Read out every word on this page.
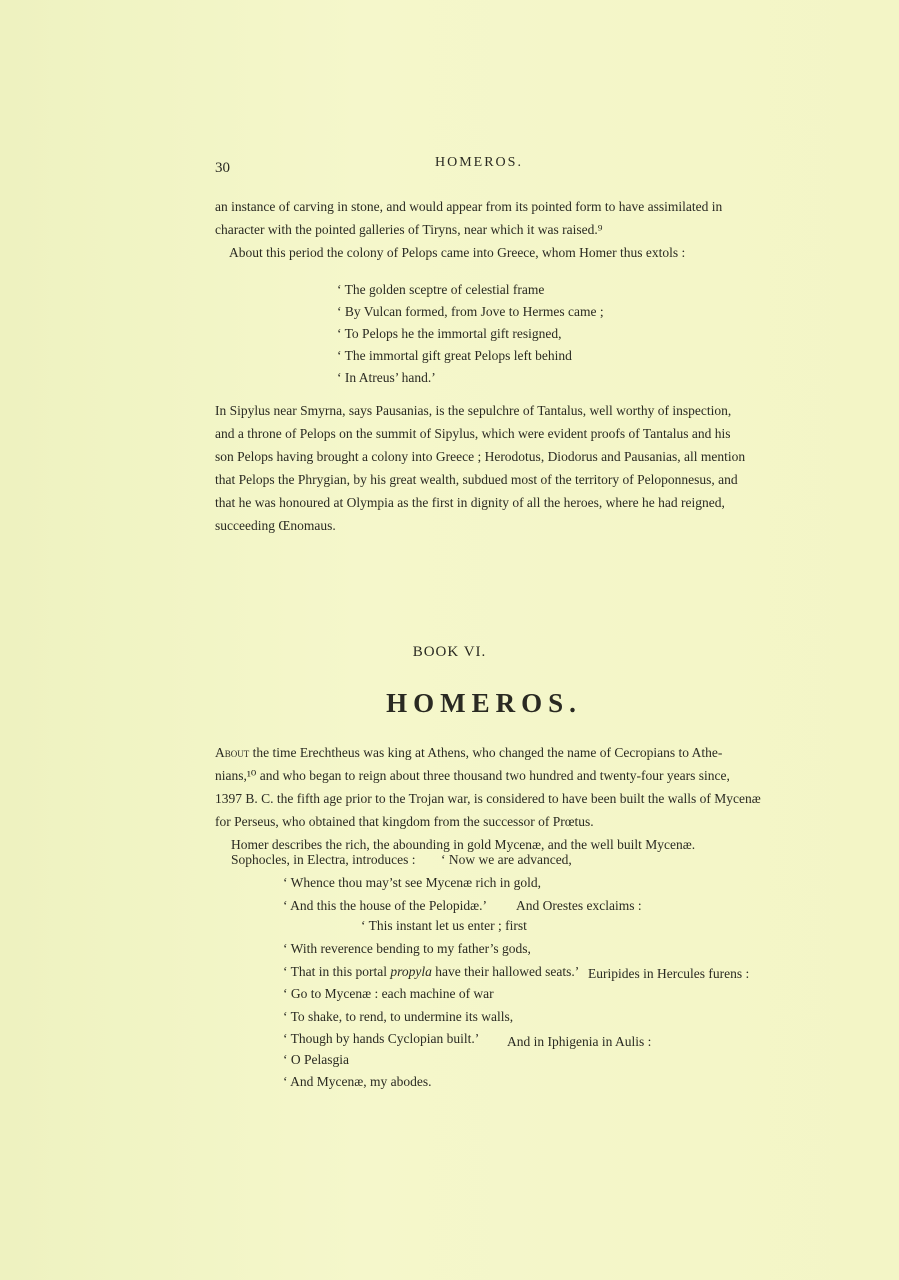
30	HOMEROS.
an instance of carving in stone, and would appear from its pointed form to have assimilated in
character with the pointed galleries of Tiryns, near which it was raised.⁹
About this period the colony of Pelops came into Greece, whom Homer thus extols :
‘ The golden sceptre of celestial frame
‘ By Vulcan formed, from Jove to Hermes came ;
‘ To Pelops he the immortal gift resigned,
‘ The immortal gift great Pelops left behind
‘ In Atreus’ hand.’
In Sipylus near Smyrna, says Pausanias, is the sepulchre of Tantalus, well worthy of inspection,
and a throne of Pelops on the summit of Sipylus, which were evident proofs of Tantalus and his
son Pelops having brought a colony into Greece ; Herodotus, Diodorus and Pausanias, all mention
that Pelops the Phrygian, by his great wealth, subdued most of the territory of Peloponnesus, and
that he was honoured at Olympia as the first in dignity of all the heroes, where he had reigned,
succeeding Œnomaus.
BOOK VI.
HOMEROS.
About the time Erechtheus was king at Athens, who changed the name of Cecropians to Athe-
nians,¹⁰ and who began to reign about three thousand two hundred and twenty-four years since,
1397 B. C. the fifth age prior to the Trojan war, is considered to have been built the walls of Mycenæ
for Perseus, who obtained that kingdom from the successor of Prœtus.
Homer describes the rich, the abounding in gold Mycenæ, and the well built Mycenæ.
Sophocles, in Electra, introduces : ‘ Now we are advanced,
‘ Whence thou may’st see Mycenæ rich in gold,
‘ And this the house of the Pelopidæ.’ And Orestes exclaims :
‘ This instant let us enter ; first
‘ With reverence bending to my father’s gods,
‘ That in this portal propyla have their hallowed seats.’ Euripides in Hercules furens :
‘ Go to Mycenæ : each machine of war
‘ To shake, to rend, to undermine its walls,
‘ Though by hands Cyclopian built.’ And in Iphigenia in Aulis :
‘ O Pelasgia
‘ And Mycenæ, my abodes.
